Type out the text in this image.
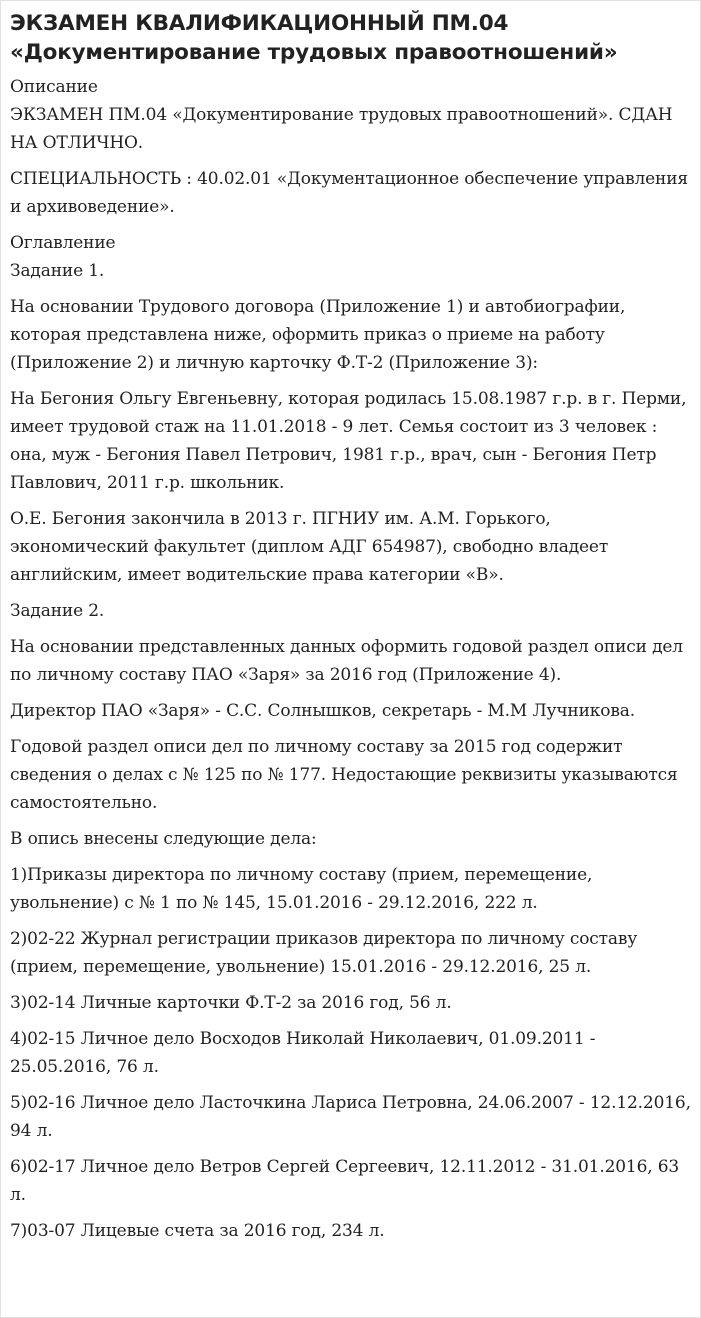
ЭКЗАМЕН КВАЛИФИКАЦИОННЫЙ ПМ.04
«Документирование трудовых правоотношений»
Описание

ЭКЗАМЕН ПМ.04 «Документирование трудовых правоотношений». СДАН НА ОТЛИЧНО.

СПЕЦИАЛЬНОСТЬ : 40.02.01 «Документационное обеспечение управления и архивоведение».

Оглавление

Задание 1.

На основании Трудового договора (Приложение 1) и автобиографии, которая представлена ниже, оформить приказ о приеме на работу (Приложение 2) и личную карточку Ф.Т-2 (Приложение 3):

На Бегония Ольгу Евгеньевну, которая родилась 15.08.1987 г.р. в г. Перми, имеет трудовой стаж на 11.01.2018 - 9 лет. Семья состоит из 3 человек : она, муж - Бегония Павел Петрович, 1981 г.р., врач, сын - Бегония Петр Павлович, 2011 г.р. школьник.

О.Е. Бегония закончила в 2013 г. ПГНИУ им. А.М. Горького, экономический факультет (диплом АДГ 654987), свободно владеет английским, имеет водительские права категории «В».

Задание 2.

На основании представленных данных оформить годовой раздел описи дел по личному составу ПАО «Заря» за 2016 год (Приложение 4).

Директор ПАО «Заря» - С.С. Солнышков, секретарь - М.М Лучникова.

Годовой раздел описи дел по личному составу за 2015 год содержит сведения о делах с № 125 по № 177. Недостающие реквизиты указываются самостоятельно.

В опись внесены следующие дела:

1)Приказы директора по личному составу (прием, перемещение, увольнение) с № 1 по № 145, 15.01.2016 - 29.12.2016, 222 л.

2)02-22 Журнал регистрации приказов директора по личному составу (прием, перемещение, увольнение) 15.01.2016 - 29.12.2016, 25 л.

3)02-14 Личные карточки Ф.Т-2 за 2016 год, 56 л.

4)02-15 Личное дело Восходов Николай Николаевич, 01.09.2011 - 25.05.2016, 76 л.

5)02-16 Личное дело Ласточкина Лариса Петровна, 24.06.2007 - 12.12.2016, 94 л.

6)02-17 Личное дело Ветров Сергей Сергеевич, 12.11.2012 - 31.01.2016, 63 л.

7)03-07 Лицевые счета за 2016 год, 234 л.
